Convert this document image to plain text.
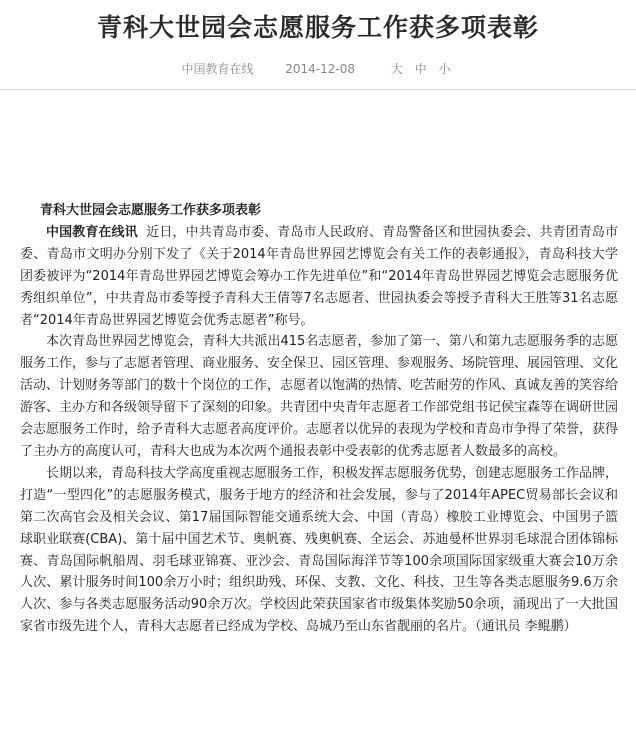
青科大世园会志愿服务工作获多项表彰
中国教育在线	2014-12-08	大 中 小

青科大世园会志愿服务工作获多项表彰

中国教育在线讯 近日，中共青岛市委、青岛市人民政府、青岛警备区和世园执委会、共青团青岛市委、青岛市文明办分别下发了《关于2014年青岛世界园艺博览会有关工作的表彰通报》，青岛科技大学团委被评为“2014年青岛世界园艺博览会筹办工作先进单位”和“2014年青岛世界园艺博览会志愿服务优秀组织单位”，中共青岛市委等授予青科大王倩等7名志愿者、世园执委会等授予青科大王胜等31名志愿者“2014年青岛世界园艺博览会优秀志愿者”称号。

本次青岛世界园艺博览会，青科大共派出415名志愿者，参加了第一、第八和第九志愿服务季的志愿服务工作，参与了志愿者管理、商业服务、安全保卫、园区管理、参观服务、场院管理、展园管理、文化活动、计划财务等部门的数十个岗位的工作，志愿者以饱满的热情、吃苦耐劳的作风、真诚友善的笑容给游客、主办方和各级领导留下了深刻的印象。共青团中央青年志愿者工作部党组书记侯宝森等在调研世园会志愿服务工作时，给予青科大志愿者高度评价。志愿者以优异的表现为学校和青岛市争得了荣誉，获得了主办方的高度认可，青科大也成为本次两个通报表彰中受表彰的优秀志愿者人数最多的高校。

长期以来，青岛科技大学高度重视志愿服务工作，积极发挥志愿服务优势，创建志愿服务工作品牌，打造“一型四化”的志愿服务模式，服务于地方的经济和社会发展，参与了2014年APEC贸易部长会议和第二次高官会及相关会议、第17届国际智能交通系统大会、中国（青岛）橡胶工业博览会、中国男子篮球职业联赛(CBA)、第十届中国艺术节、奥帆赛、残奥帆赛、全运会、苏迪曼杯世界羽毛球混合团体锦标赛、青岛国际帆船周、羽毛球亚锦赛、亚沙会、青岛国际海洋节等100余项国际国家级重大赛会10万余人次、累计服务时间100余万小时；组织助残、环保、支教、文化、科技、卫生等各类志愿服务9.6万余人次、参与各类志愿服务活动90余万次。学校因此荣获国家省市级集体奖励50余项，涌现出了一大批国家省市级先进个人，青科大志愿者已经成为学校、岛城乃至山东省靓丽的名片。（通讯员 李鲲鹏）
